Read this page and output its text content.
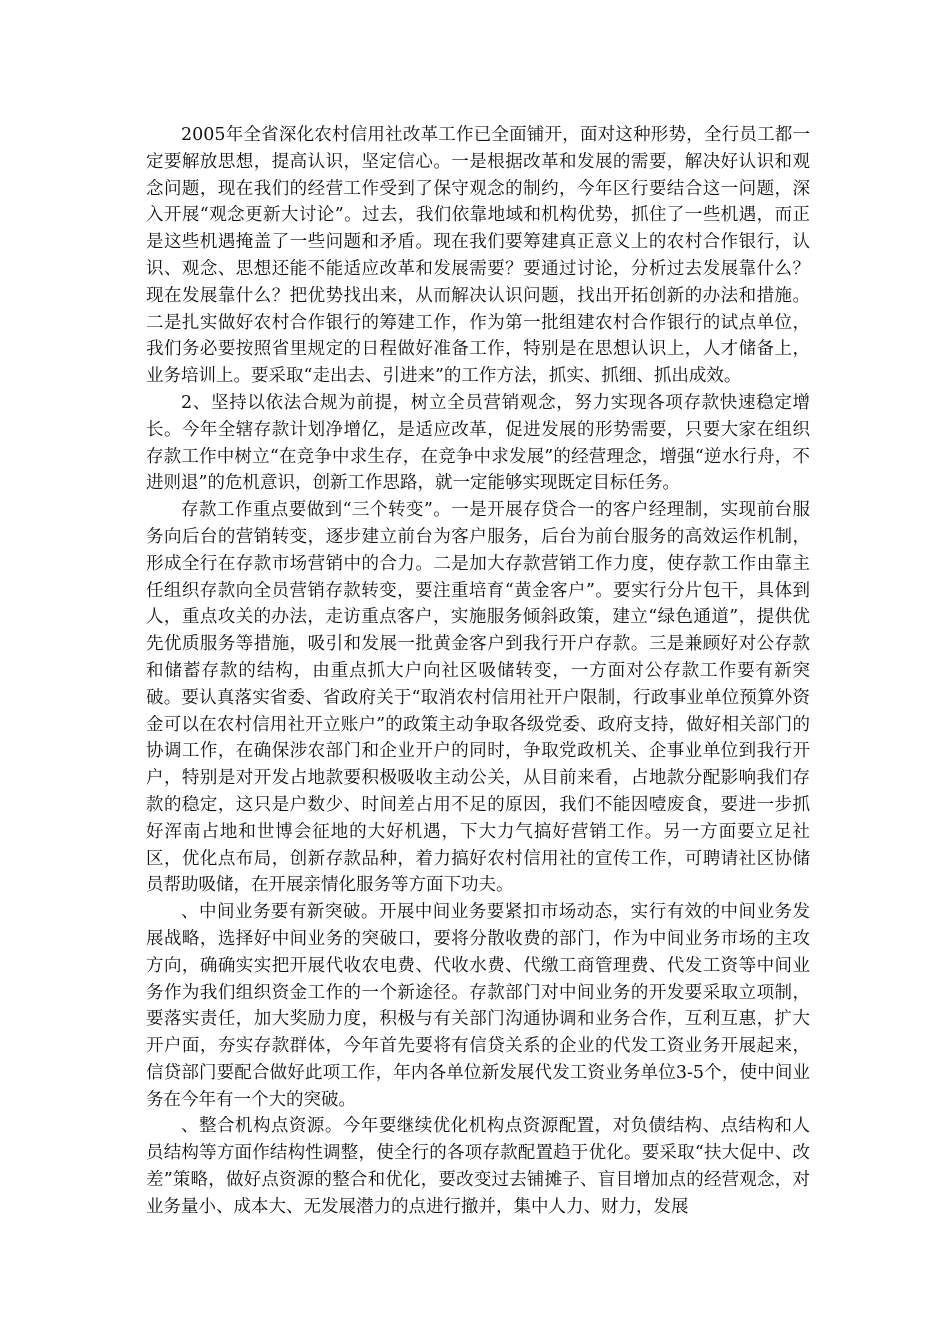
2005年全省深化农村信用社改革工作已全面铺开，面对这种形势，全行员工都一定要解放思想，提高认识，坚定信心。一是根据改革和发展的需要，解决好认识和观念问题，现在我们的经营工作受到了保守观念的制约，今年区行要结合这一问题，深入开展“观念更新大讨论”。过去，我们依靠地域和机构优势，抓住了一些机遇，而正是这些机遇掩盖了一些问题和矛盾。现在我们要筹建真正意义上的农村合作银行，认识、观念、思想还能不能适应改革和发展需要？要通过讨论，分析过去发展靠什么？现在发展靠什么？把优势找出来，从而解决认识问题，找出开拓创新的办法和措施。二是扎实做好农村合作银行的筹建工作，作为第一批组建农村合作银行的试点单位，我们务必要按照省里规定的日程做好准备工作，特别是在思想认识上，人才储备上，业务培训上。要采取“走出去、引进来”的工作方法，抓实、抓细、抓出成效。

2、坚持以依法合规为前提，树立全员营销观念，努力实现各项存款快速稳定增长。今年全辖存款计划净增亿，是适应改革，促进发展的形势需要，只要大家在组织存款工作中树立“在竞争中求生存，在竞争中求发展”的经营理念，增强“逆水行舟，不进则退”的危机意识，创新工作思路，就一定能够实现既定目标任务。

存款工作重点要做到“三个转变”。一是开展存贷合一的客户经理制，实现前台服务向后台的营销转变，逐步建立前台为客户服务，后台为前台服务的高效运作机制，形成全行在存款市场营销中的合力。二是加大存款营销工作力度，使存款工作由靠主任组织存款向全员营销存款转变，要注重培育“黄金客户”。要实行分片包干，具体到人，重点攻关的办法，走访重点客户，实施服务倾斜政策，建立“绿色通道”，提供优先优质服务等措施，吸引和发展一批黄金客户到我行开户存款。三是兼顾好对公存款和储蓄存款的结构，由重点抓大户向社区吸储转变，一方面对公存款工作要有新突破。要认真落实省委、省政府关于“取消农村信用社开户限制，行政事业单位预算外资金可以在农村信用社开立账户”的政策主动争取各级党委、政府支持，做好相关部门的协调工作，在确保涉农部门和企业开户的同时，争取党政机关、企事业单位到我行开户，特别是对开发占地款要积极吸收主动公关，从目前来看，占地款分配影响我们存款的稳定，这只是户数少、时间差占用不足的原因，我们不能因噎废食，要进一步抓好浑南占地和世博会征地的大好机遇，下大力气搞好营销工作。另一方面要立足社区，优化点布局，创新存款品种，着力搞好农村信用社的宣传工作，可聘请社区协储员帮助吸储，在开展亲情化服务等方面下功夫。

、中间业务要有新突破。开展中间业务要紧扣市场动态，实行有效的中间业务发展战略，选择好中间业务的突破口，要将分散收费的部门，作为中间业务市场的主攻方向，确确实实把开展代收农电费、代收水费、代缴工商管理费、代发工资等中间业务作为我们组织资金工作的一个新途径。存款部门对中间业务的开发要采取立项制，要落实责任，加大奖励力度，积极与有关部门沟通协调和业务合作，互利互惠，扩大开户面，夯实存款群体，今年首先要将有信贷关系的企业的代发工资业务开展起来，信贷部门要配合做好此项工作，年内各单位新发展代发工资业务单位3-5个，使中间业务在今年有一个大的突破。

、整合机构点资源。今年要继续优化机构点资源配置，对负债结构、点结构和人员结构等方面作结构性调整，使全行的各项存款配置趋于优化。要采取“扶大促中、改差”策略，做好点资源的整合和优化，要改变过去铺摊子、盲目增加点的经营观念，对业务量小、成本大、无发展潜力的点进行撤并，集中人力、财力，发展
